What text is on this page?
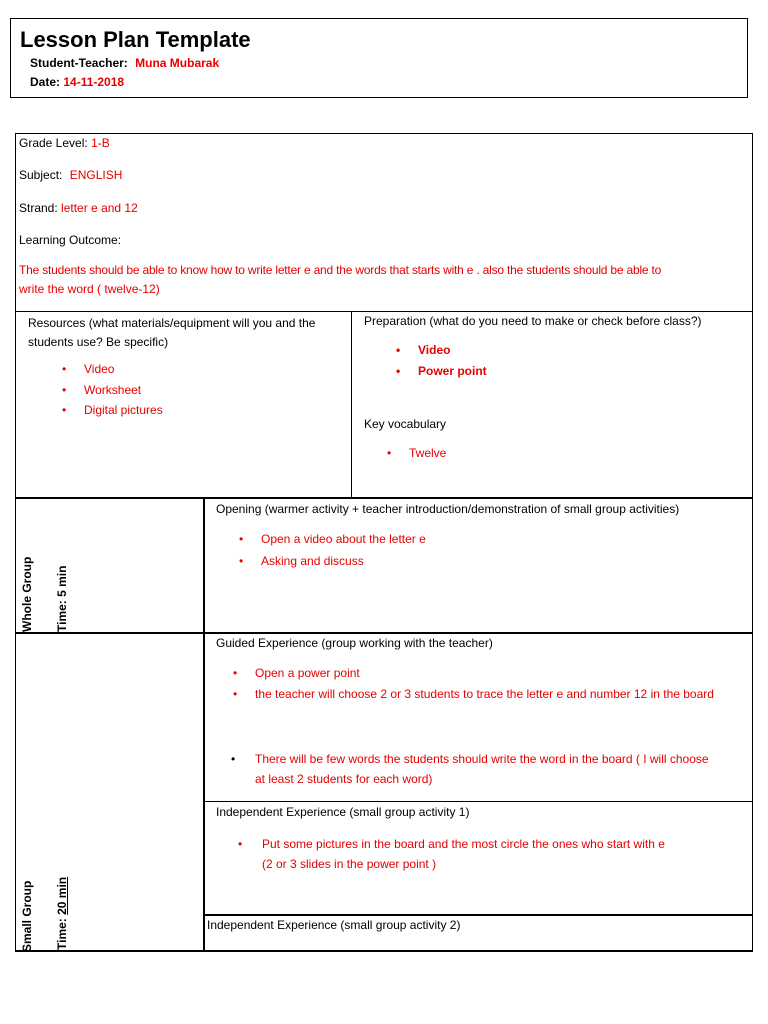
Lesson Plan Template
Student-Teacher: Muna Mubarak
Date: 14-11-2018
Grade Level: 1-B
Subject: ENGLISH
Strand: letter e and 12
Learning Outcome:
The students should be able to know how to write letter e and the words that starts with e . also the students should be able to
write the word ( twelve-12)
Resources (what materials/equipment will you and the
students use? Be specific)
• Video
• Worksheet
• Digital pictures
Preparation (what do you need to make or check before class?)
• Video
• Power point
Key vocabulary
• Twelve
Whole Group Time: 5 min
Opening (warmer activity + teacher introduction/demonstration of small group activities)
• Open a video about the letter e
• Asking and discuss
Small Group Time: 20 min
Guided Experience (group working with the teacher)
• Open a power point
• the teacher will choose 2 or 3 students to trace the letter e and number 12 in the board
• There will be few words the students should write the word in the board ( I will choose
at least 2 students for each word)
Independent Experience (small group activity 1)
• Put some pictures in the board and the most circle the ones who start with e
(2 or 3 slides in the power point )
Independent Experience (small group activity 2)
